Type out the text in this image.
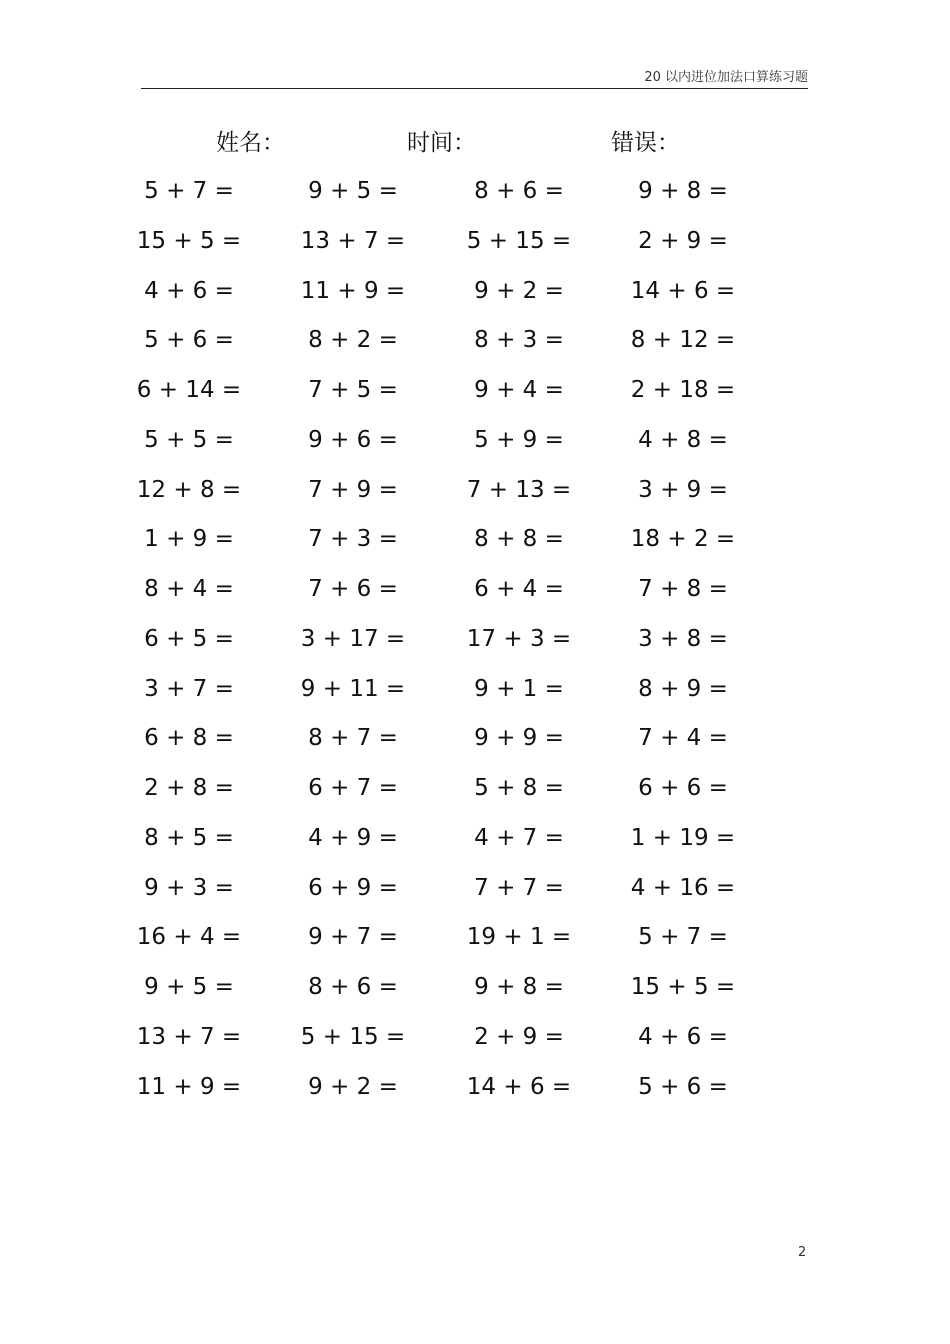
20 以内进位加法口算练习题
姓名：	时间：	错误：
5 + 7 =	9 + 5 =	8 + 6 =	9 + 8 =
15 + 5 =	13 + 7 =	5 + 15 =	2 + 9 =
4 + 6 =	11 + 9 =	9 + 2 =	14 + 6 =
5 + 6 =	8 + 2 =	8 + 3 =	8 + 12 =
6 + 14 =	7 + 5 =	9 + 4 =	2 + 18 =
5 + 5 =	9 + 6 =	5 + 9 =	4 + 8 =
12 + 8 =	7 + 9 =	7 + 13 =	3 + 9 =
1 + 9 =	7 + 3 =	8 + 8 =	18 + 2 =
8 + 4 =	7 + 6 =	6 + 4 =	7 + 8 =
6 + 5 =	3 + 17 =	17 + 3 =	3 + 8 =
3 + 7 =	9 + 11 =	9 + 1 =	8 + 9 =
6 + 8 =	8 + 7 =	9 + 9 =	7 + 4 =
2 + 8 =	6 + 7 =	5 + 8 =	6 + 6 =
8 + 5 =	4 + 9 =	4 + 7 =	1 + 19 =
9 + 3 =	6 + 9 =	7 + 7 =	4 + 16 =
16 + 4 =	9 + 7 =	19 + 1 =	5 + 7 =
9 + 5 =	8 + 6 =	9 + 8 =	15 + 5 =
13 + 7 =	5 + 15 =	2 + 9 =	4 + 6 =
11 + 9 =	9 + 2 =	14 + 6 =	5 + 6 =
2
